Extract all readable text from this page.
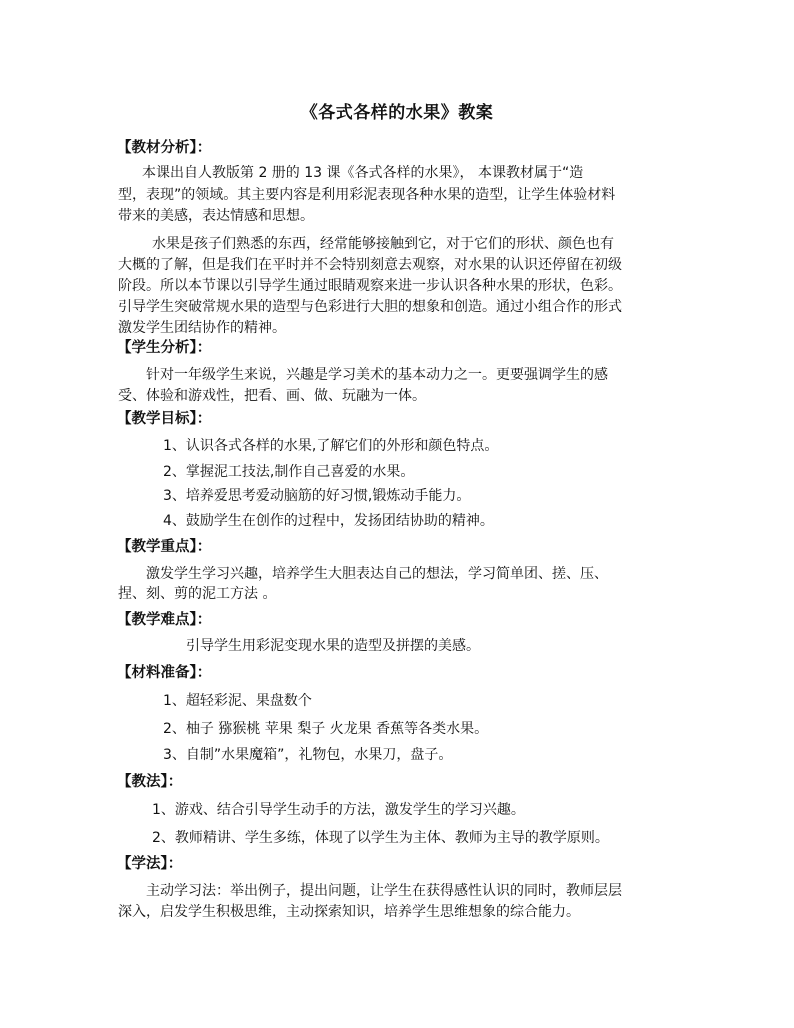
《各式各样的水果》教案
【教材分析】：
本课出自人教版第 2 册的 13 课《各式各样的水果》， 本课教材属于“造
型，表现”的领域。其主要内容是利用彩泥表现各种水果的造型，让学生体验材料
带来的美感，表达情感和思想。
水果是孩子们熟悉的东西，经常能够接触到它，对于它们的形状、颜色也有
大概的了解，但是我们在平时并不会特别刻意去观察，对水果的认识还停留在初级
阶段。所以本节课以引导学生通过眼睛观察来进一步认识各种水果的形状，色彩。
引导学生突破常规水果的造型与色彩进行大胆的想象和创造。通过小组合作的形式
激发学生团结协作的精神。
【学生分析】：
针对一年级学生来说，兴趣是学习美术的基本动力之一。更要强调学生的感
受、体验和游戏性，把看、画、做、玩融为一体。
【教学目标】：
1、认识各式各样的水果,了解它们的外形和颜色特点。
2、掌握泥工技法,制作自己喜爱的水果。
3、培养爱思考爱动脑筋的好习惯,锻炼动手能力。
4、鼓励学生在创作的过程中，发扬团结协助的精神。
【教学重点】：
激发学生学习兴趣，培养学生大胆表达自己的想法，学习简单团、搓、压、
捏、刻、剪的泥工方法 。
【教学难点】：
引导学生用彩泥变现水果的造型及拼摆的美感。
【材料准备】：
1、超轻彩泥、果盘数个
2、柚子 猕猴桃 苹果 梨子 火龙果 香蕉等各类水果。
3、自制”水果魔箱”，礼物包，水果刀，盘子。
【教法】：
1、游戏、结合引导学生动手的方法，激发学生的学习兴趣。
2、教师精讲、学生多练，体现了以学生为主体、教师为主导的教学原则。
【学法】：
主动学习法：举出例子，提出问题，让学生在获得感性认识的同时，教师层层
深入，启发学生积极思维，主动探索知识，培养学生思维想象的综合能力。
